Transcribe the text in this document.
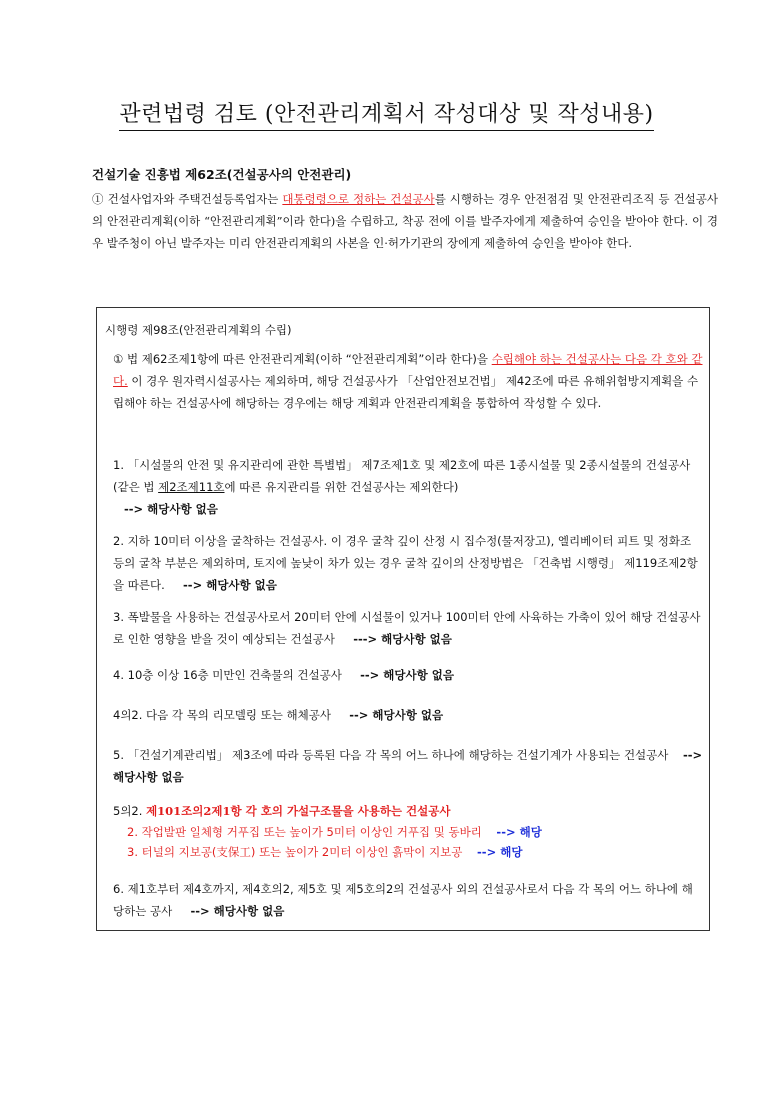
관련법령 검토 (안전관리계획서 작성대상 및 작성내용)

건설기술 진흥법 제62조(건설공사의 안전관리)

① 건설사업자와 주택건설등록업자는 대통령령으로 정하는 건설공사를 시행하는 경우 안전점검 및 안전관리조직 등 건설공사의 안전관리계획(이하 “안전관리계획”이라 한다)을 수립하고, 착공 전에 이를 발주자에게 제출하여 승인을 받아야 한다. 이 경우 발주청이 아닌 발주자는 미리 안전관리계획의 사본을 인·허가기관의 장에게 제출하여 승인을 받아야 한다.

시행령 제98조(안전관리계획의 수립)

① 법 제62조제1항에 따른 안전관리계획(이하 “안전관리계획”이라 한다)을 수립해야 하는 건설공사는 다음 각 호와 같다. 이 경우 원자력시설공사는 제외하며, 해당 건설공사가 「산업안전보건법」 제42조에 따른 유해위험방지계획을 수립해야 하는 건설공사에 해당하는 경우에는 해당 계획과 안전관리계획을 통합하여 작성할 수 있다.

1. 「시설물의 안전 및 유지관리에 관한 특별법」 제7조제1호 및 제2호에 따른 1종시설물 및 2종시설물의 건설공사(같은 법 제2조제11호에 따른 유지관리를 위한 건설공사는 제외한다)
--> 해당사항 없음

2. 지하 10미터 이상을 굴착하는 건설공사. 이 경우 굴착 깊이 산정 시 집수정(물저장고), 엘리베이터 피트 및 정화조 등의 굴착 부분은 제외하며, 토지에 높낮이 차가 있는 경우 굴착 깊이의 산정방법은 「건축법 시행령」 제119조제2항을 따른다. --> 해당사항 없음

3. 폭발물을 사용하는 건설공사로서 20미터 안에 시설물이 있거나 100미터 안에 사육하는 가축이 있어 해당 건설공사로 인한 영향을 받을 것이 예상되는 건설공사 ---> 해당사항 없음

4. 10층 이상 16층 미만인 건축물의 건설공사 --> 해당사항 없음

4의2. 다음 각 목의 리모델링 또는 해체공사 --> 해당사항 없음

5. 「건설기계관리법」 제3조에 따라 등록된 다음 각 목의 어느 하나에 해당하는 건설기계가 사용되는 건설공사 --> 해당사항 없음

5의2. 제101조의2제1항 각 호의 가설구조물을 사용하는 건설공사

2. 작업발판 일체형 거푸집 또는 높이가 5미터 이상인 거푸집 및 동바리 --> 해당

3. 터널의 지보공(支保工) 또는 높이가 2미터 이상인 흙막이 지보공 --> 해당

6. 제1호부터 제4호까지, 제4호의2, 제5호 및 제5호의2의 건설공사 외의 건설공사로서 다음 각 목의 어느 하나에 해당하는 공사 --> 해당사항 없음
